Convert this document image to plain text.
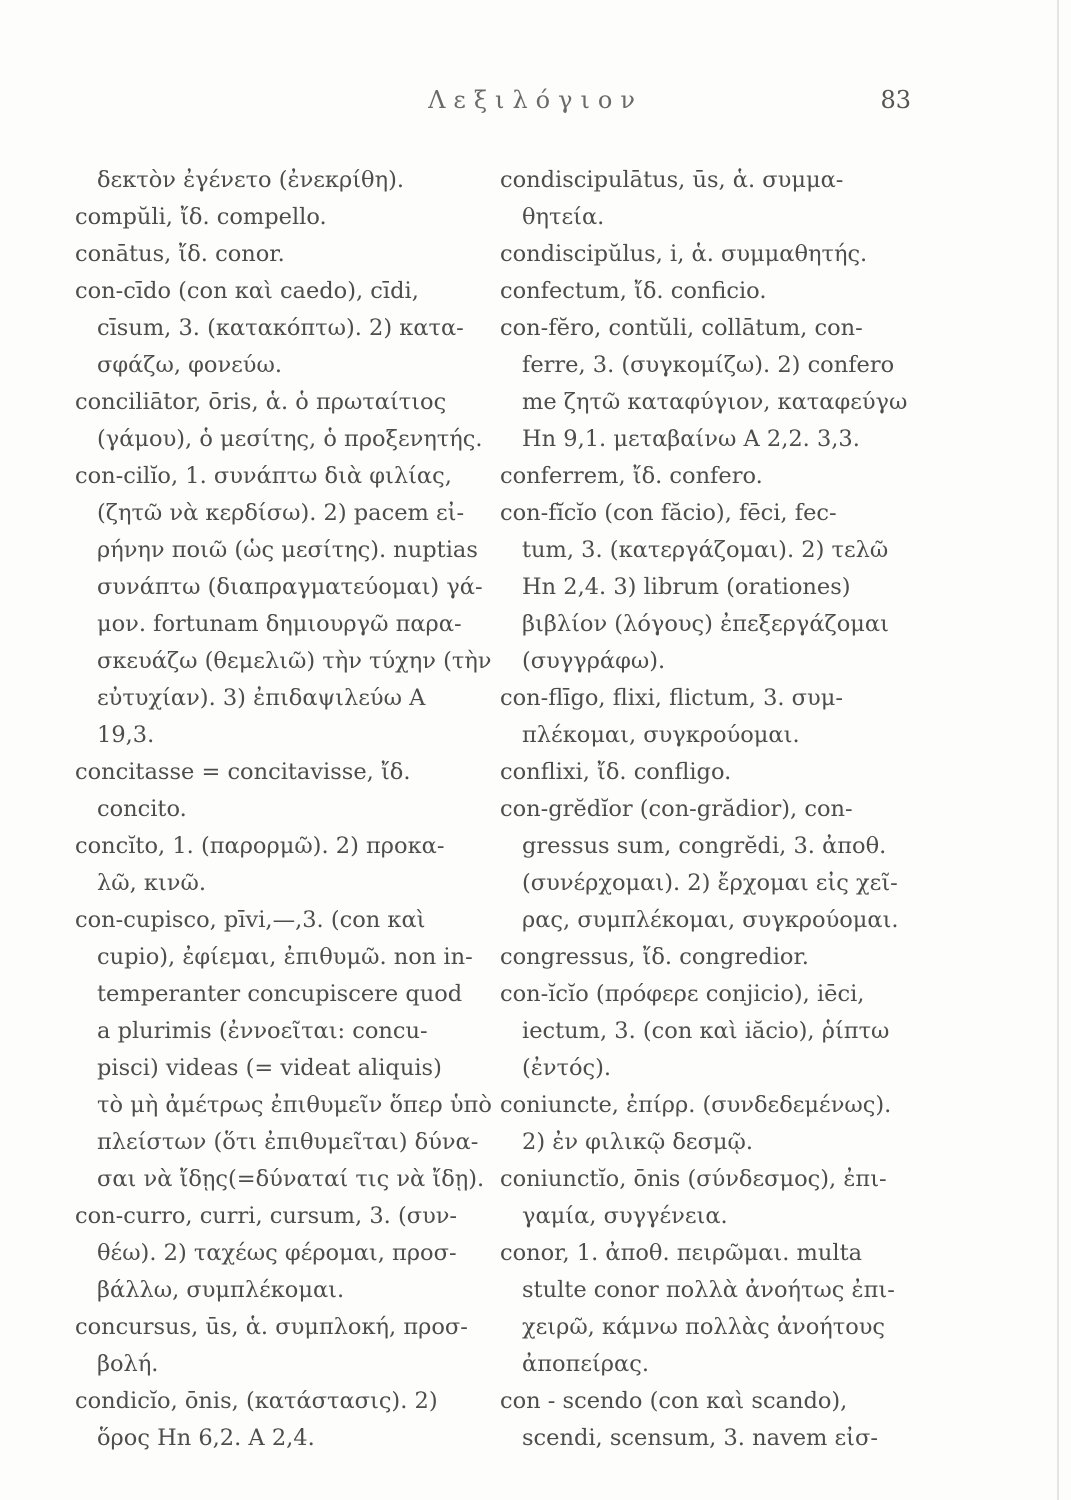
Λεξιλόγιον	83
δεκτὸν ἐγένετο (ἐνεκρίθη).
compŭli, ἴδ. compello.
conātus, ἴδ. conor.
con-cīdo (con καὶ caedo), cīdi,
cīsum, 3. (κατακόπτω). 2) κατα-
σφάζω, φονεύω.
conciliātor, ōris, ἁ. ὁ πρωταίτιος
(γάμου), ὁ μεσίτης, ὁ προξενητής.
con-cilĭo, 1. συνάπτω διὰ φιλίας,
(ζητῶ νὰ κερδίσω). 2) pacem εἰ-
ρήνην ποιῶ (ὡς μεσίτης). nuptias
συνάπτω (διαπραγματεύομαι) γά-
μον. fortunam δημιουργῶ παρα-
σκευάζω (θεμελιῶ) τὴν τύχην (τὴν
εὐτυχίαν). 3) ἐπιδαψιλεύω Α
19,3.
concitasse = concitavisse, ἴδ.
concito.
concĭto, 1. (παρορμῶ). 2) προκα-
λῶ, κινῶ.
con-cupisco, pīvi,—,3. (con καὶ
cupio), ἐφίεμαι, ἐπιθυμῶ. non in-
temperanter concupiscere quod
a plurimis (ἐννοεῖται: concu-
pisci) videas (= videat aliquis)
τὸ μὴ ἀμέτρως ἐπιθυμεῖν ὅπερ ὑπὸ
πλείστων (ὅτι ἐπιθυμεῖται) δύνα-
σαι νὰ ἴδῃς(=δύναταί τις νὰ ἴδῃ).
con-curro, curri, cursum, 3. (συν-
θέω). 2) ταχέως φέρομαι, προσ-
βάλλω, συμπλέκομαι.
concursus, ūs, ἁ. συμπλοκή, προσ-
βολή.
condicĭo, ōnis, (κατάστασις). 2)
ὅρος Hn 6,2. Α 2,4.
condiscipulātus, ūs, ἁ. συμμα-
θητεία.
condiscipŭlus, i, ἁ. συμμαθητής.
confectum, ἴδ. conficio.
con-fĕro, contŭli, collātum, con-
ferre, 3. (συγκομίζω). 2) confero
me ζητῶ καταφύγιον, καταφεύγω
Hn 9,1. μεταβαίνω Α 2,2. 3,3.
conferrem, ἴδ. confero.
con-fĭcĭo (con făcio), fēci, fec-
tum, 3. (κατεργάζομαι). 2) τελῶ
Hn 2,4. 3) librum (orationes)
βιβλίον (λόγους) ἐπεξεργάζομαι
(συγγράφω).
con-flīgo, flixi, flictum, 3. συμ-
πλέκομαι, συγκρούομαι.
conflixi, ἴδ. confligo.
con-grĕdĭor (con-grădior), con-
gressus sum, congrĕdi, 3. ἀποθ.
(συνέρχομαι). 2) ἔρχομαι εἰς χεῖ-
ρας, συμπλέκομαι, συγκρούομαι.
congressus, ἴδ. congredior.
con-ĭcĭo (πρόφερε conjicio), iēci,
iectum, 3. (con καὶ iăcio), ῥίπτω
(ἐντός).
coniuncte, ἐπίρρ. (συνδεδεμένως).
2) ἐν φιλικῷ δεσμῷ.
coniunctĭo, ōnis (σύνδεσμος), ἐπι-
γαμία, συγγένεια.
conor, 1. ἀποθ. πειρῶμαι. multa
stulte conor πολλὰ ἀνοήτως ἐπι-
χειρῶ, κάμνω πολλὰς ἀνοήτους
ἀποπείρας.
con - scendo (con καὶ scando),
scendi, scensum, 3. navem εἰσ-
